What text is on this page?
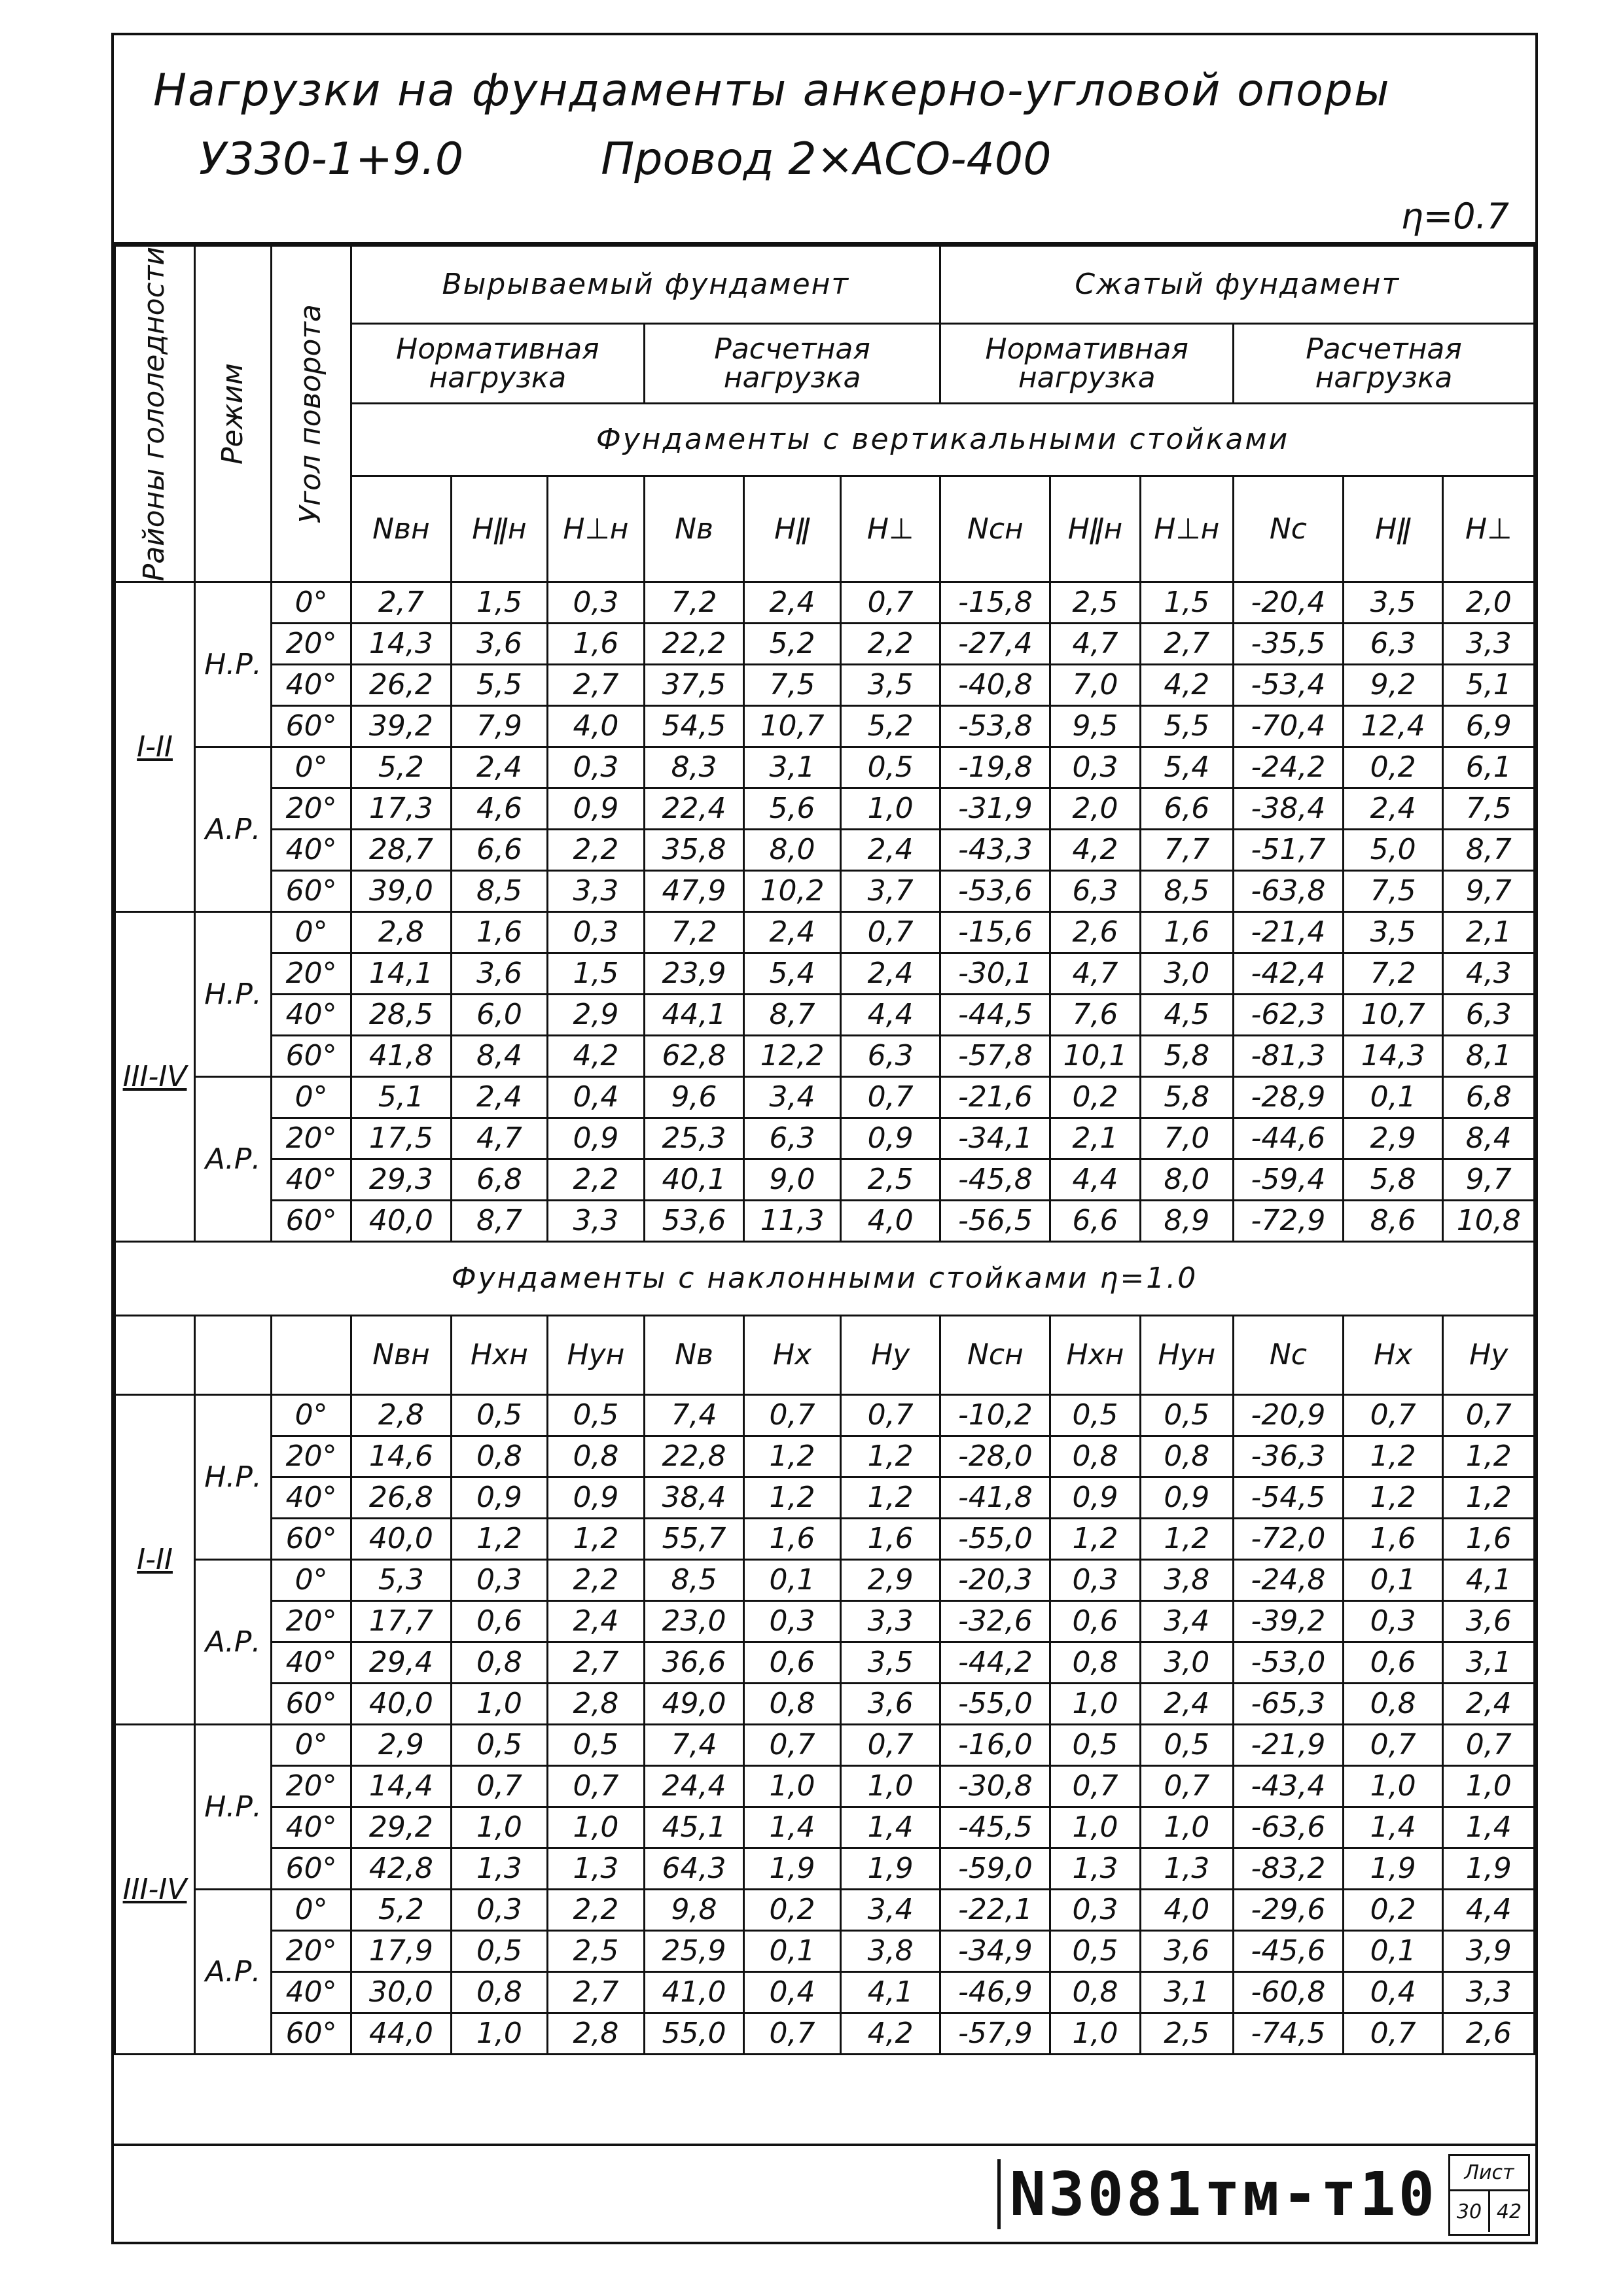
Нагрузки на фундаменты анкерно-угловой опоры
У330-1+9.0	Провод 2×АСО-400
η=0.7
Районы гололедности	Режим	Угол поворота	Вырываемый фундамент						Сжатый фундамент					
			Нормативная нагрузка			Расчетная нагрузка			Нормативная нагрузка			Расчетная нагрузка		
			Фундаменты с вертикальными стойками											
			Nвн	Hǁн	H⊥н	Nв	Hǁ	H⊥	Nсн	Hǁн	H⊥н	Nс	Hǁ	H⊥
I-II	Н.Р.	0°	2,7	1,5	0,3	7,2	2,4	0,7	-15,8	2,5	1,5	-20,4	3,5	2,0
		20°	14,3	3,6	1,6	22,2	5,2	2,2	-27,4	4,7	2,7	-35,5	6,3	3,3
		40°	26,2	5,5	2,7	37,5	7,5	3,5	-40,8	7,0	4,2	-53,4	9,2	5,1
		60°	39,2	7,9	4,0	54,5	10,7	5,2	-53,8	9,5	5,5	-70,4	12,4	6,9
	А.Р.	0°	5,2	2,4	0,3	8,3	3,1	0,5	-19,8	0,3	5,4	-24,2	0,2	6,1
		20°	17,3	4,6	0,9	22,4	5,6	1,0	-31,9	2,0	6,6	-38,4	2,4	7,5
		40°	28,7	6,6	2,2	35,8	8,0	2,4	-43,3	4,2	7,7	-51,7	5,0	8,7
		60°	39,0	8,5	3,3	47,9	10,2	3,7	-53,6	6,3	8,5	-63,8	7,5	9,7
III-IV	Н.Р.	0°	2,8	1,6	0,3	7,2	2,4	0,7	-15,6	2,6	1,6	-21,4	3,5	2,1
		20°	14,1	3,6	1,5	23,9	5,4	2,4	-30,1	4,7	3,0	-42,4	7,2	4,3
		40°	28,5	6,0	2,9	44,1	8,7	4,4	-44,5	7,6	4,5	-62,3	10,7	6,3
		60°	41,8	8,4	4,2	62,8	12,2	6,3	-57,8	10,1	5,8	-81,3	14,3	8,1
	А.Р.	0°	5,1	2,4	0,4	9,6	3,4	0,7	-21,6	0,2	5,8	-28,9	0,1	6,8
		20°	17,5	4,7	0,9	25,3	6,3	0,9	-34,1	2,1	7,0	-44,6	2,9	8,4
		40°	29,3	6,8	2,2	40,1	9,0	2,5	-45,8	4,4	8,0	-59,4	5,8	9,7
		60°	40,0	8,7	3,3	53,6	11,3	4,0	-56,5	6,6	8,9	-72,9	8,6	10,8
Фундаменты с наклонными стойками η=1.0														
			Nвн	Hxн	Hyн	Nв	Hx	Hy	Nсн	Hxн	Hyн	Nс	Hx	Hy
I-II	Н.Р.	0°	2,8	0,5	0,5	7,4	0,7	0,7	-10,2	0,5	0,5	-20,9	0,7	0,7
		20°	14,6	0,8	0,8	22,8	1,2	1,2	-28,0	0,8	0,8	-36,3	1,2	1,2
		40°	26,8	0,9	0,9	38,4	1,2	1,2	-41,8	0,9	0,9	-54,5	1,2	1,2
		60°	40,0	1,2	1,2	55,7	1,6	1,6	-55,0	1,2	1,2	-72,0	1,6	1,6
	А.Р.	0°	5,3	0,3	2,2	8,5	0,1	2,9	-20,3	0,3	3,8	-24,8	0,1	4,1
		20°	17,7	0,6	2,4	23,0	0,3	3,3	-32,6	0,6	3,4	-39,2	0,3	3,6
		40°	29,4	0,8	2,7	36,6	0,6	3,5	-44,2	0,8	3,0	-53,0	0,6	3,1
		60°	40,0	1,0	2,8	49,0	0,8	3,6	-55,0	1,0	2,4	-65,3	0,8	2,4
III-IV	Н.Р.	0°	2,9	0,5	0,5	7,4	0,7	0,7	-16,0	0,5	0,5	-21,9	0,7	0,7
		20°	14,4	0,7	0,7	24,4	1,0	1,0	-30,8	0,7	0,7	-43,4	1,0	1,0
		40°	29,2	1,0	1,0	45,1	1,4	1,4	-45,5	1,0	1,0	-63,6	1,4	1,4
		60°	42,8	1,3	1,3	64,3	1,9	1,9	-59,0	1,3	1,3	-83,2	1,9	1,9
	А.Р.	0°	5,2	0,3	2,2	9,8	0,2	3,4	-22,1	0,3	4,0	-29,6	0,2	4,4
		20°	17,9	0,5	2,5	25,9	0,1	3,8	-34,9	0,5	3,6	-45,6	0,1	3,9
		40°	30,0	0,8	2,7	41,0	0,4	4,1	-46,9	0,8	3,1	-60,8	0,4	3,3
		60°	44,0	1,0	2,8	55,0	0,7	4,2	-57,9	1,0	2,5	-74,5	0,7	2,6
N3081тм-т10	Лист
30 42
